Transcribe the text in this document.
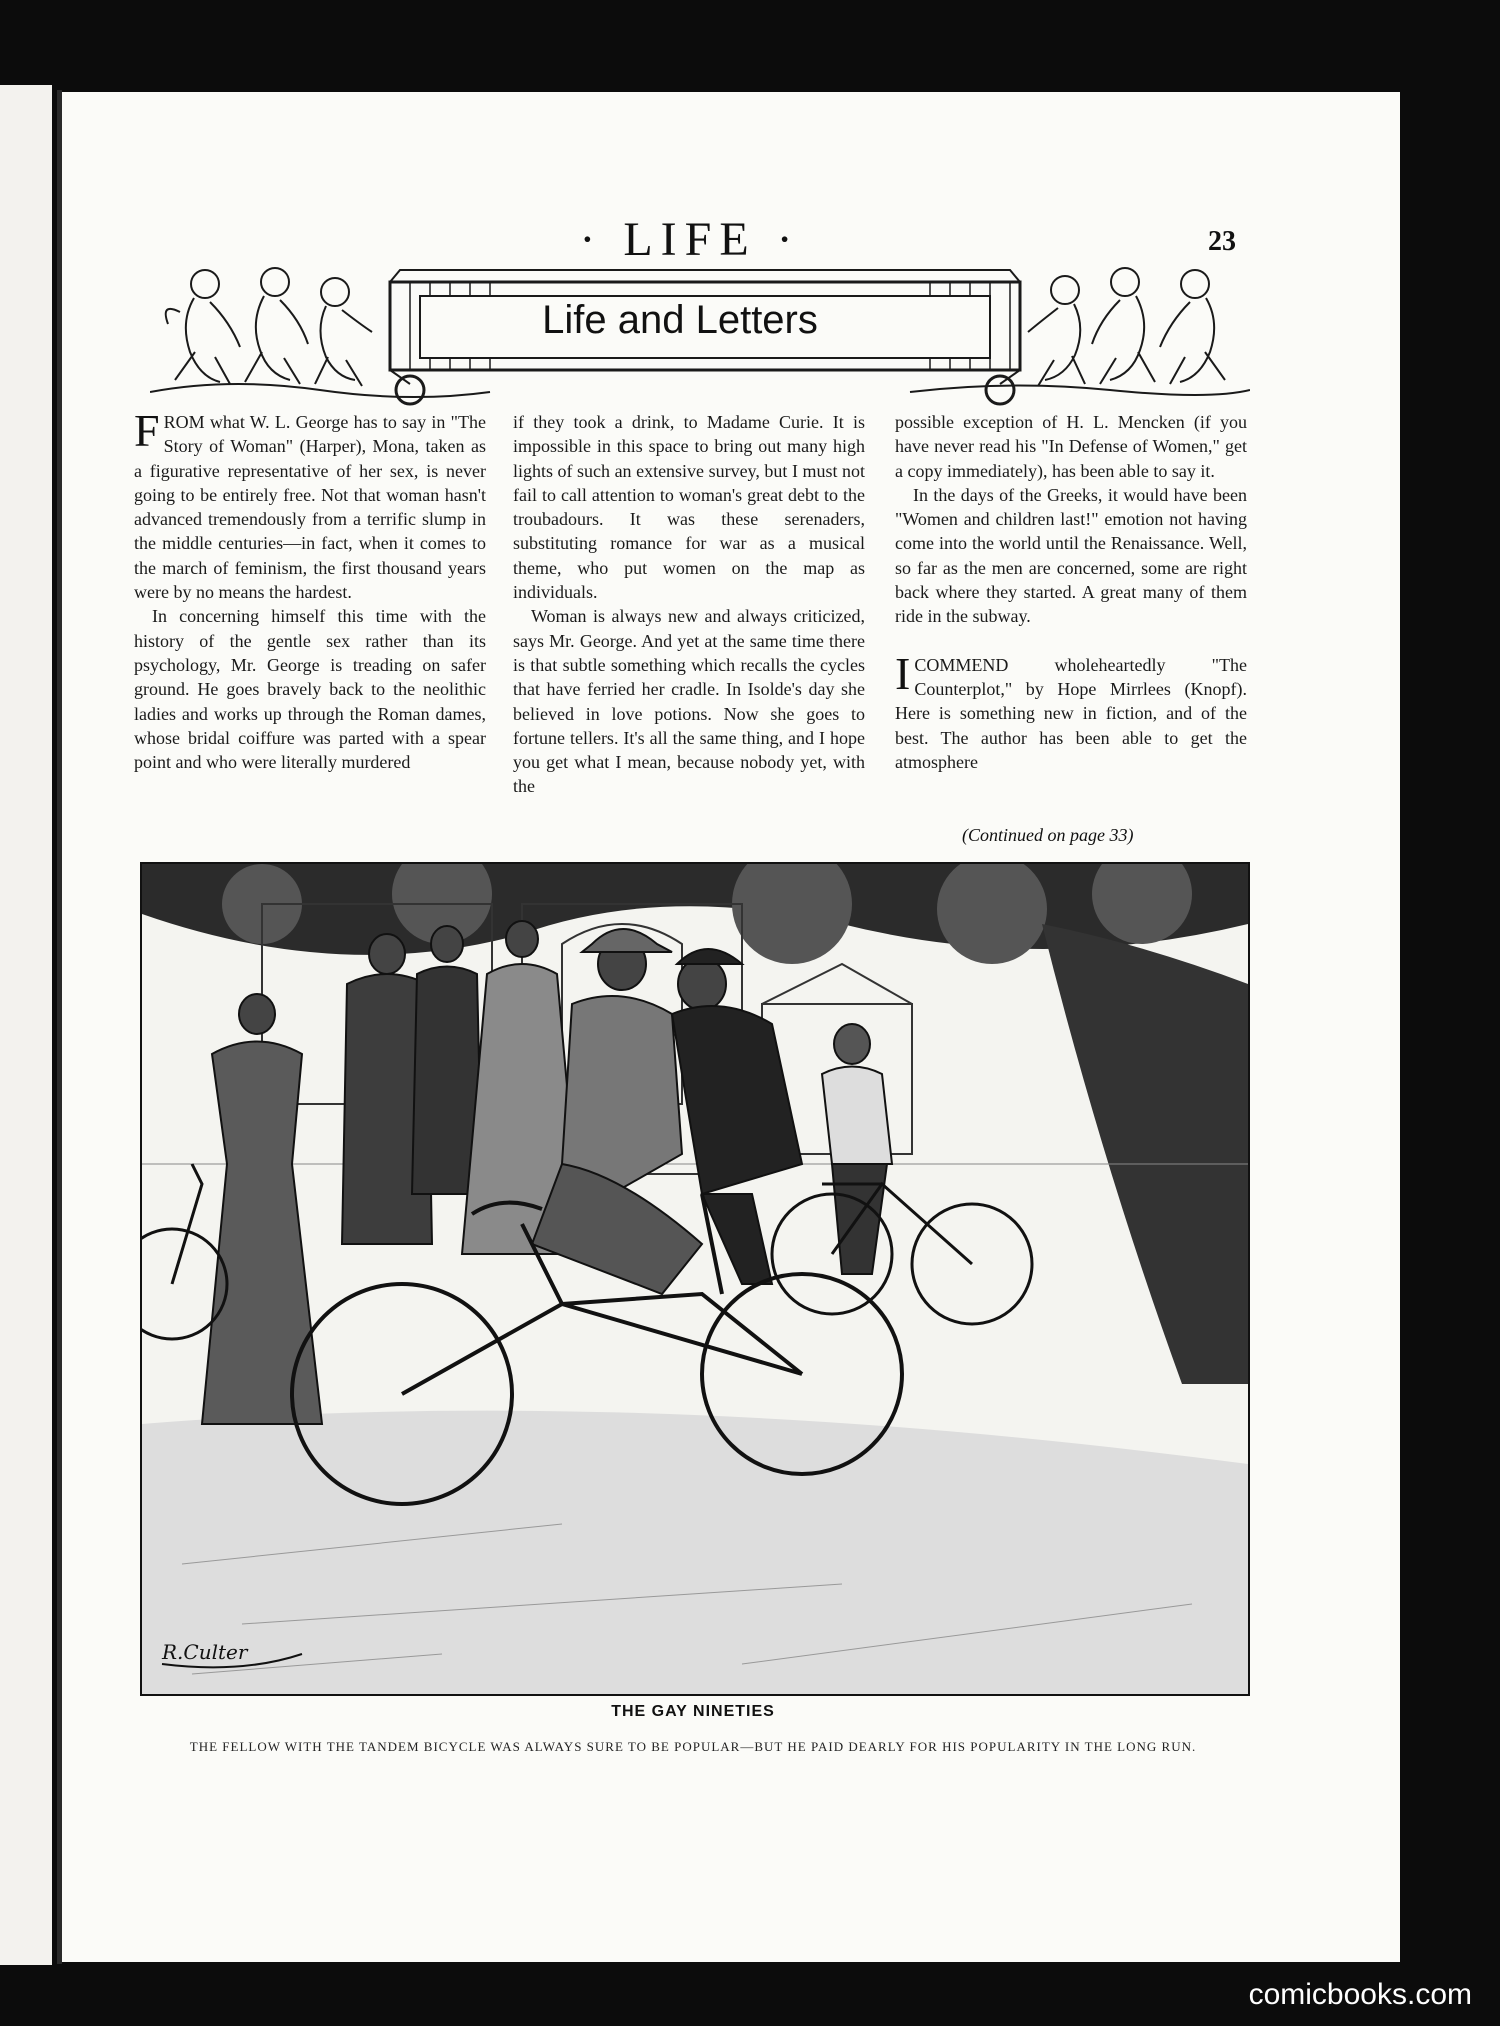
· LIFE ·	23
Life and Letters

FROM what W. L. George has to say in "The Story of Woman" (Harper), Mona, taken as a figurative representative of her sex, is never going to be entirely free. Not that woman hasn't advanced tremendously from a terrific slump in the middle centuries—in fact, when it comes to the march of feminism, the first thousand years were by no means the hardest.

In concerning himself this time with the history of the gentle sex rather than its psychology, Mr. George is treading on safer ground. He goes bravely back to the neolithic ladies and works up through the Roman dames, whose bridal coiffure was parted with a spear point and who were literally murdered

if they took a drink, to Madame Curie. It is impossible in this space to bring out many high lights of such an extensive survey, but I must not fail to call attention to woman's great debt to the troubadours. It was these serenaders, substituting romance for war as a musical theme, who put women on the map as individuals.

Woman is always new and always criticized, says Mr. George. And yet at the same time there is that subtle something which recalls the cycles that have ferried her cradle. In Isolde's day she believed in love potions. Now she goes to fortune tellers. It's all the same thing, and I hope you get what I mean, because nobody yet, with the

possible exception of H. L. Mencken (if you have never read his "In Defense of Women," get a copy immediately), has been able to say it.

In the days of the Greeks, it would have been "Women and children last!" emotion not having come into the world until the Renaissance. Well, so far as the men are concerned, some are right back where they started. A great many of them ride in the subway.

I COMMEND wholeheartedly "The Counterplot," by Hope Mirrlees (Knopf). Here is something new in fiction, and of the best. The author has been able to get the atmosphere

(Continued on page 33)
R.Culter
THE GAY NINETIES
THE FELLOW WITH THE TANDEM BICYCLE WAS ALWAYS SURE TO BE POPULAR—BUT HE PAID DEARLY FOR HIS POPULARITY IN THE LONG RUN.
comicbooks.com
